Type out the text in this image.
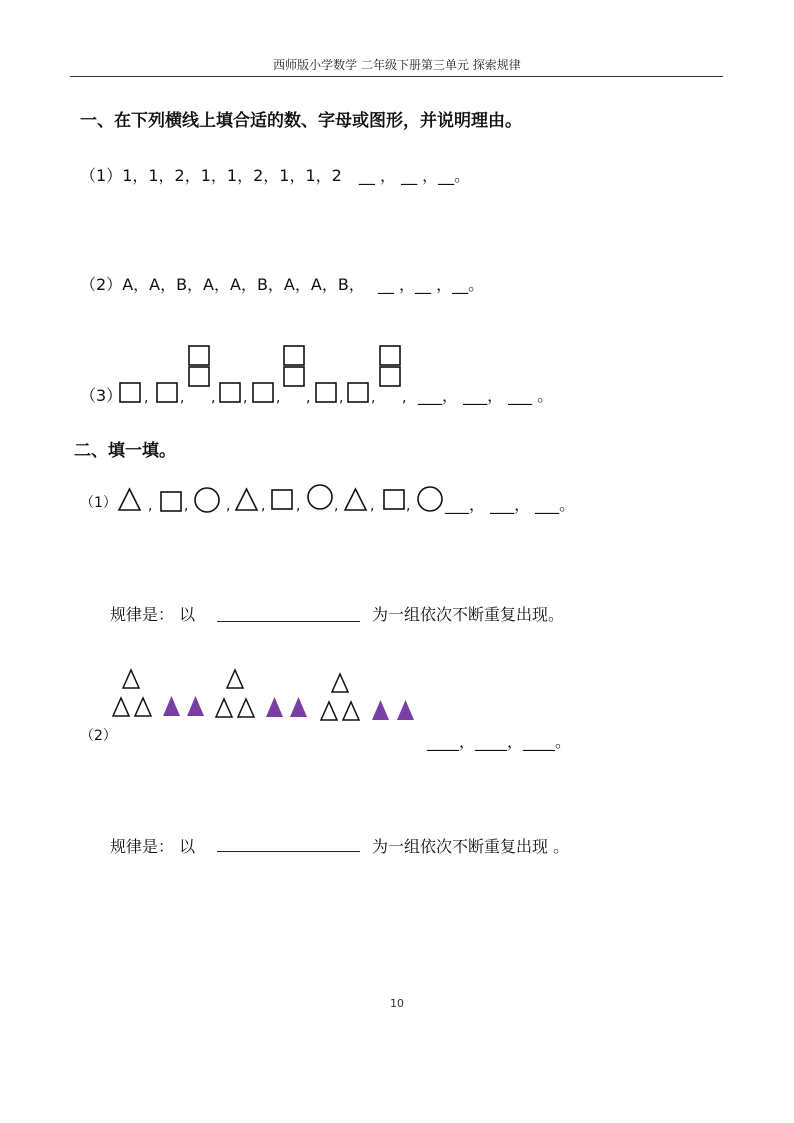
西师版小学数学 二年级下册第三单元 探索规律
一、在下列横线上填合适的数、字母或图形，并说明理由。
（1）1，1，2，1，1，2，1，1，2 __ ， __ ，__。
（2）A，A，B，A，A，B，A，A，B， __ ，__ ，__。
（3） , , , , , , , , , ___， ___， ___ 。
二、填一填。
（1） , ,	, , , , , , ___， ___， ___。
规律是： 以	为一组依次不断重复出现。
（2）	____，____，____。
规律是： 以	为一组依次不断重复出现 。
10
